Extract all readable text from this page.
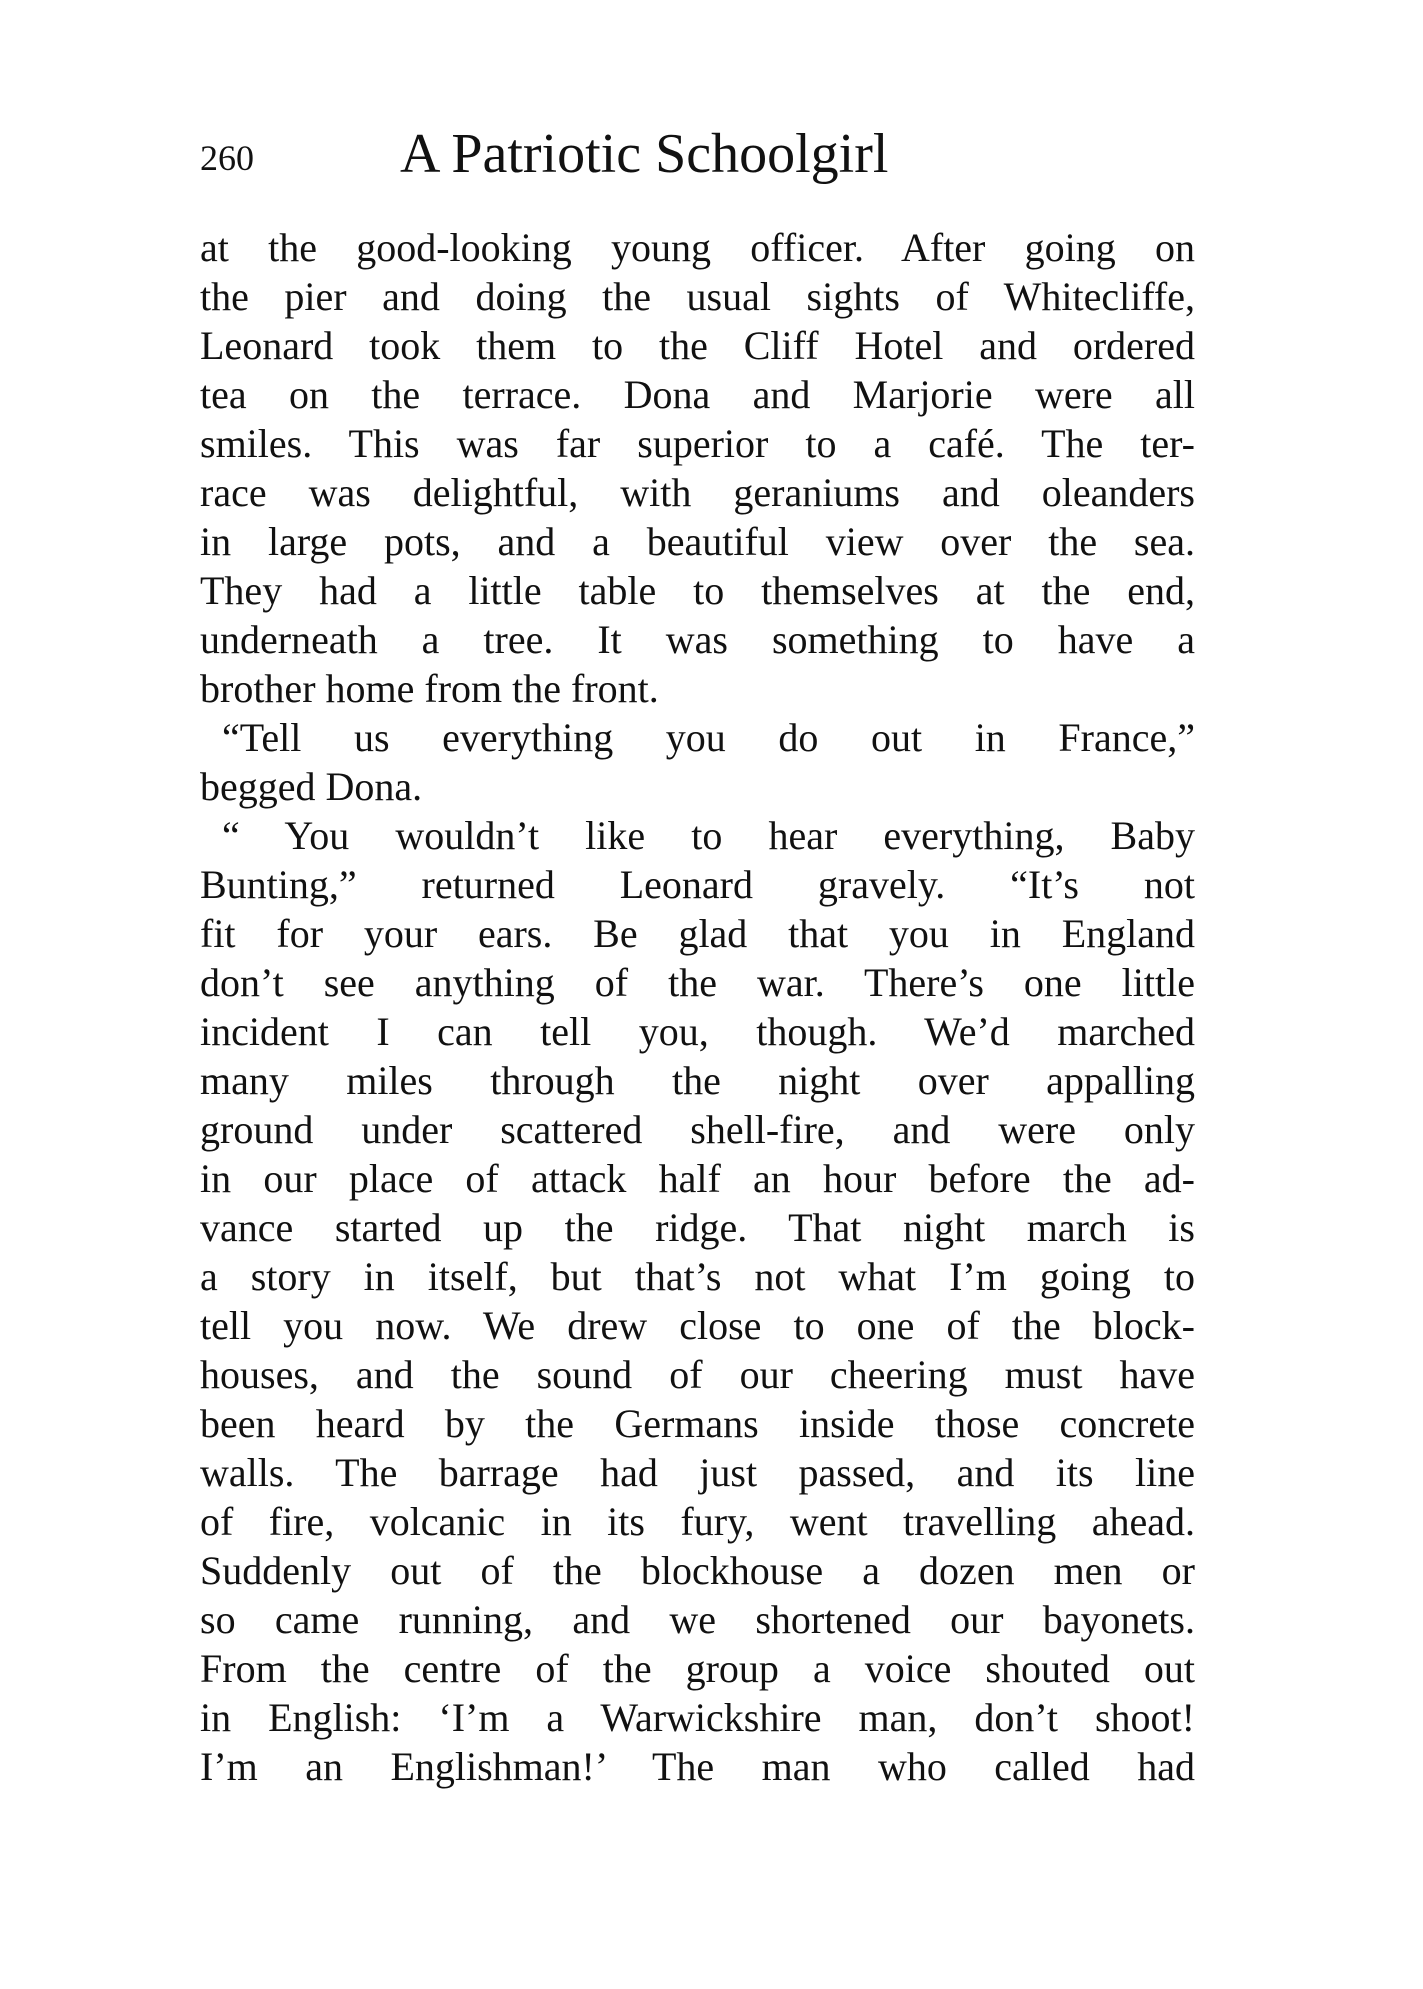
260	A Patriotic Schoolgirl
at the good-looking young officer. After going on
the pier and doing the usual sights of Whitecliffe,
Leonard took them to the Cliff Hotel and ordered
tea on the terrace. Dona and Marjorie were all
smiles. This was far superior to a café. The ter-
race was delightful, with geraniums and oleanders
in large pots, and a beautiful view over the sea.
They had a little table to themselves at the end,
underneath a tree. It was something to have a
brother home from the front.
“Tell us everything you do out in France,”
begged Dona.
“ You wouldn’t like to hear everything, Baby
Bunting,” returned Leonard gravely. “It’s not
fit for your ears. Be glad that you in England
don’t see anything of the war. There’s one little
incident I can tell you, though. We’d marched
many miles through the night over appalling
ground under scattered shell-fire, and were only
in our place of attack half an hour before the ad-
vance started up the ridge. That night march is
a story in itself, but that’s not what I’m going to
tell you now. We drew close to one of the block-
houses, and the sound of our cheering must have
been heard by the Germans inside those concrete
walls. The barrage had just passed, and its line
of fire, volcanic in its fury, went travelling ahead.
Suddenly out of the blockhouse a dozen men or
so came running, and we shortened our bayonets.
From the centre of the group a voice shouted out
in English: ‘I’m a Warwickshire man, don’t shoot!
I’m an Englishman!’ The man who called had
